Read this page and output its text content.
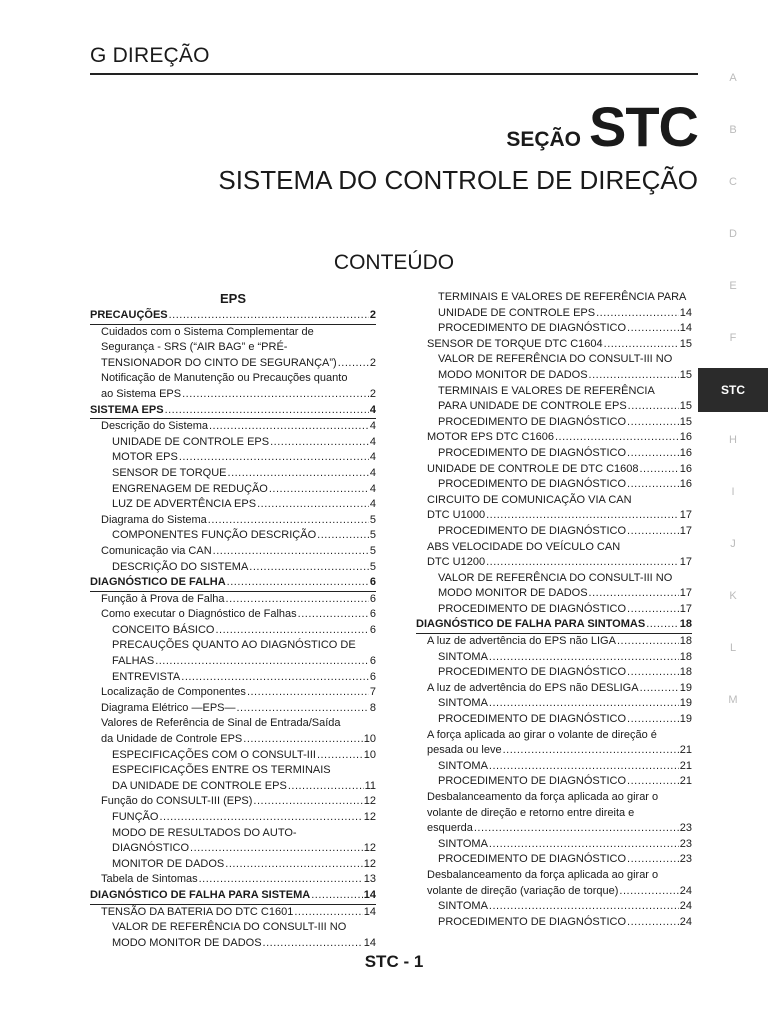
G DIREÇÃO
SEÇÃO STC
SISTEMA DO CONTROLE DE DIREÇÃO
CONTEÚDO
EPS
PRECAUÇÕES .....	2
Cuidados com o Sistema Complementar de
Segurança - SRS (“AIR BAG” e “PRÉ-
TENSIONADOR DO CINTO DE SEGURANÇA”) .....	2
Notificação de Manutenção ou Precauções quanto
ao Sistema EPS .....	2
SISTEMA EPS .....	4
Descrição do Sistema .....	4
UNIDADE DE CONTROLE EPS .....	4
MOTOR EPS .....	4
SENSOR DE TORQUE .....	4
ENGRENAGEM DE REDUÇÃO .....	4
LUZ DE ADVERTÊNCIA EPS .....	4
Diagrama do Sistema .....	5
COMPONENTES FUNÇÃO DESCRIÇÃO .....	5
Comunicação via CAN .....	5
DESCRIÇÃO DO SISTEMA .....	5
DIAGNÓSTICO DE FALHA .....	6
Função à Prova de Falha .....	6
Como executar o Diagnóstico de Falhas .....	6
CONCEITO BÁSICO .....	6
PRECAUÇÕES QUANTO AO DIAGNÓSTICO DE
FALHAS .....	6
ENTREVISTA .....	6
Localização de Componentes .....	7
Diagrama Elétrico —EPS— .....	8
Valores de Referência de Sinal de Entrada/Saída
da Unidade de Controle EPS .....	10
ESPECIFICAÇÕES COM O CONSULT-III .....	10
ESPECIFICAÇÕES ENTRE OS TERMINAIS
DA UNIDADE DE CONTROLE EPS .....	11
Função do CONSULT-III (EPS) .....	12
FUNÇÃO .....	12
MODO DE RESULTADOS DO AUTO-
DIAGNÓSTICO .....	12
MONITOR DE DADOS .....	12
Tabela de Sintomas .....	13
DIAGNÓSTICO DE FALHA PARA SISTEMA .....	14
TENSÃO DA BATERIA DO DTC C1601 .....	14
VALOR DE REFERÊNCIA DO CONSULT-III NO
MODO MONITOR DE DADOS .....	14
TERMINAIS E VALORES DE REFERÊNCIA PARA
UNIDADE DE CONTROLE EPS .....	14
PROCEDIMENTO DE DIAGNÓSTICO .....	14
SENSOR DE TORQUE DTC C1604 .....	15
VALOR DE REFERÊNCIA DO CONSULT-III NO
MODO MONITOR DE DADOS .....	15
TERMINAIS E VALORES DE REFERÊNCIA
PARA UNIDADE DE CONTROLE EPS .....	15
PROCEDIMENTO DE DIAGNÓSTICO .....	15
MOTOR EPS DTC C1606 .....	16
PROCEDIMENTO DE DIAGNÓSTICO .....	16
UNIDADE DE CONTROLE DE DTC C1608 .....	16
PROCEDIMENTO DE DIAGNÓSTICO .....	16
CIRCUITO DE COMUNICAÇÃO VIA CAN
DTC U1000 .....	17
PROCEDIMENTO DE DIAGNÓSTICO .....	17
ABS VELOCIDADE DO VEÍCULO CAN
DTC U1200 .....	17
VALOR DE REFERÊNCIA DO CONSULT-III NO
MODO MONITOR DE DADOS .....	17
PROCEDIMENTO DE DIAGNÓSTICO .....	17
DIAGNÓSTICO DE FALHA PARA SINTOMAS .....	18
A luz de advertência do EPS não LIGA .....	18
SINTOMA .....	18
PROCEDIMENTO DE DIAGNÓSTICO .....	18
A luz de advertência do EPS não DESLIGA .....	19
SINTOMA .....	19
PROCEDIMENTO DE DIAGNÓSTICO .....	19
A força aplicada ao girar o volante de direção é
pesada ou leve .....	21
SINTOMA .....	21
PROCEDIMENTO DE DIAGNÓSTICO .....	21
Desbalanceamento da força aplicada ao girar o
volante de direção e retorno entre direita e
esquerda .....	23
SINTOMA .....	23
PROCEDIMENTO DE DIAGNÓSTICO .....	23
Desbalanceamento da força aplicada ao girar o
volante de direção (variação de torque) .....	24
SINTOMA .....	24
PROCEDIMENTO DE DIAGNÓSTICO .....	24
A
B
C
D
E
F
STC
H
I
J
K
L
M
STC - 1
